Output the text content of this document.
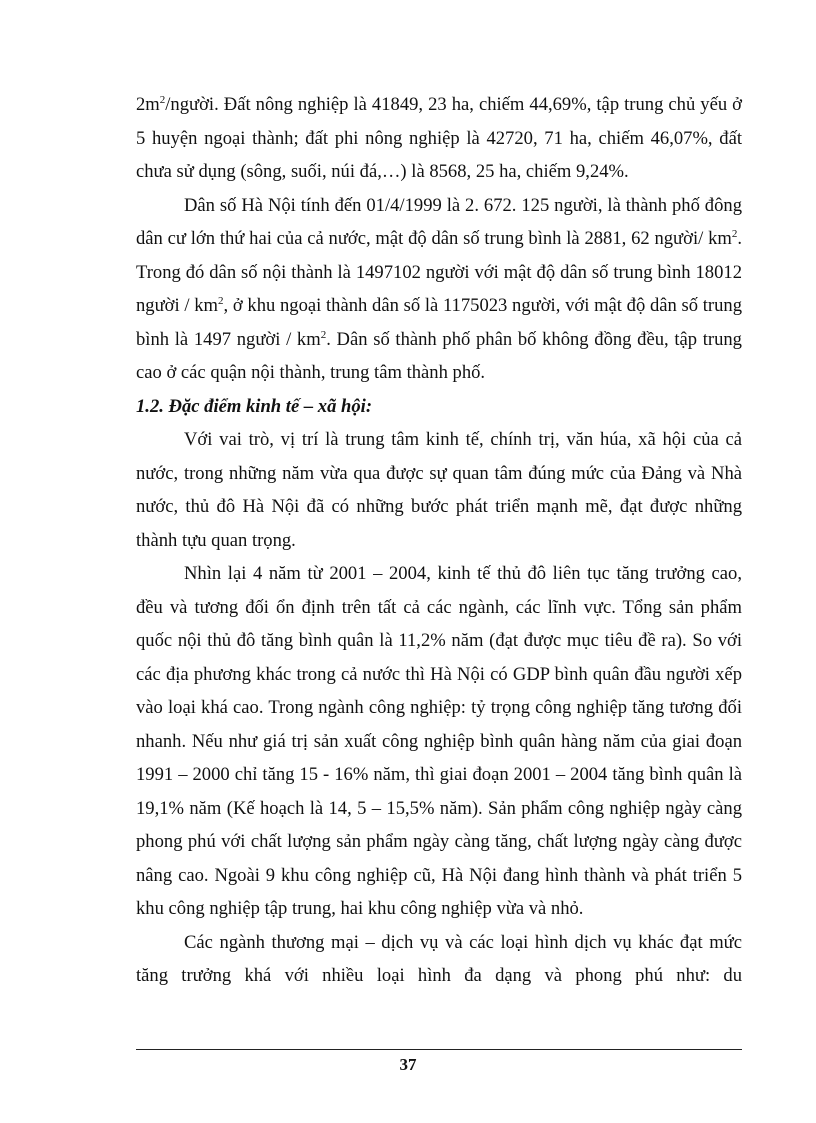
$2m^2$/người. Đất nông nghiệp là 41849, 23 ha, chiếm 44,69%, tập trung chủ yếu ở 5 huyện ngoại thành; đất phi nông nghiệp là 42720, 71 ha, chiếm 46,07%, đất chưa sử dụng (sông, suối, núi đá,…) là 8568, 25 ha, chiếm 9,24%.

Dân số Hà Nội tính đến 01/4/1999 là 2. 672. 125 người, là thành phố đông dân cư lớn thứ hai của cả nước, mật độ dân số trung bình là 2881, 62 người/ $km^2$. Trong đó dân số nội thành là 1497102 người với mật độ dân số trung bình 18012 người / $km^2$, ở khu ngoại thành dân số là 1175023 người, với mật độ dân số trung bình là 1497 người / $km^2$. Dân số thành phố phân bố không đồng đều, tập trung cao ở các quận nội thành, trung tâm thành phố.

1.2. Đặc điểm kinh tế – xã hội:

Với vai trò, vị trí là trung tâm kinh tế, chính trị, văn húa, xã hội của cả nước, trong những năm vừa qua được sự quan tâm đúng mức của Đảng và Nhà nước, thủ đô Hà Nội đã có những bước phát triển mạnh mẽ, đạt được những thành tựu quan trọng.

Nhìn lại 4 năm từ 2001 – 2004, kinh tế thủ đô liên tục tăng trưởng cao, đều và tương đối ổn định trên tất cả các ngành, các lĩnh vực. Tổng sản phẩm quốc nội thủ đô tăng bình quân là 11,2% năm (đạt được mục tiêu đề ra). So với các địa phương khác trong cả nước thì Hà Nội có GDP bình quân đầu người xếp vào loại khá cao. Trong ngành công nghiệp: tỷ trọng công nghiệp tăng tương đối nhanh. Nếu như giá trị sản xuất công nghiệp bình quân hàng năm của giai đoạn 1991 – 2000 chỉ tăng 15 - 16% năm, thì giai đoạn 2001 – 2004 tăng bình quân là 19,1% năm (Kế hoạch là 14, 5 – 15,5% năm). Sản phẩm công nghiệp ngày càng phong phú với chất lượng sản phẩm ngày càng tăng, chất lượng ngày càng được nâng cao. Ngoài 9 khu công nghiệp cũ, Hà Nội đang hình thành và phát triển 5 khu công nghiệp tập trung, hai khu công nghiệp vừa và nhỏ.

Các ngành thương mại – dịch vụ và các loại hình dịch vụ khác đạt mức tăng trưởng khá với nhiều loại hình đa dạng và phong phú như: du

37
